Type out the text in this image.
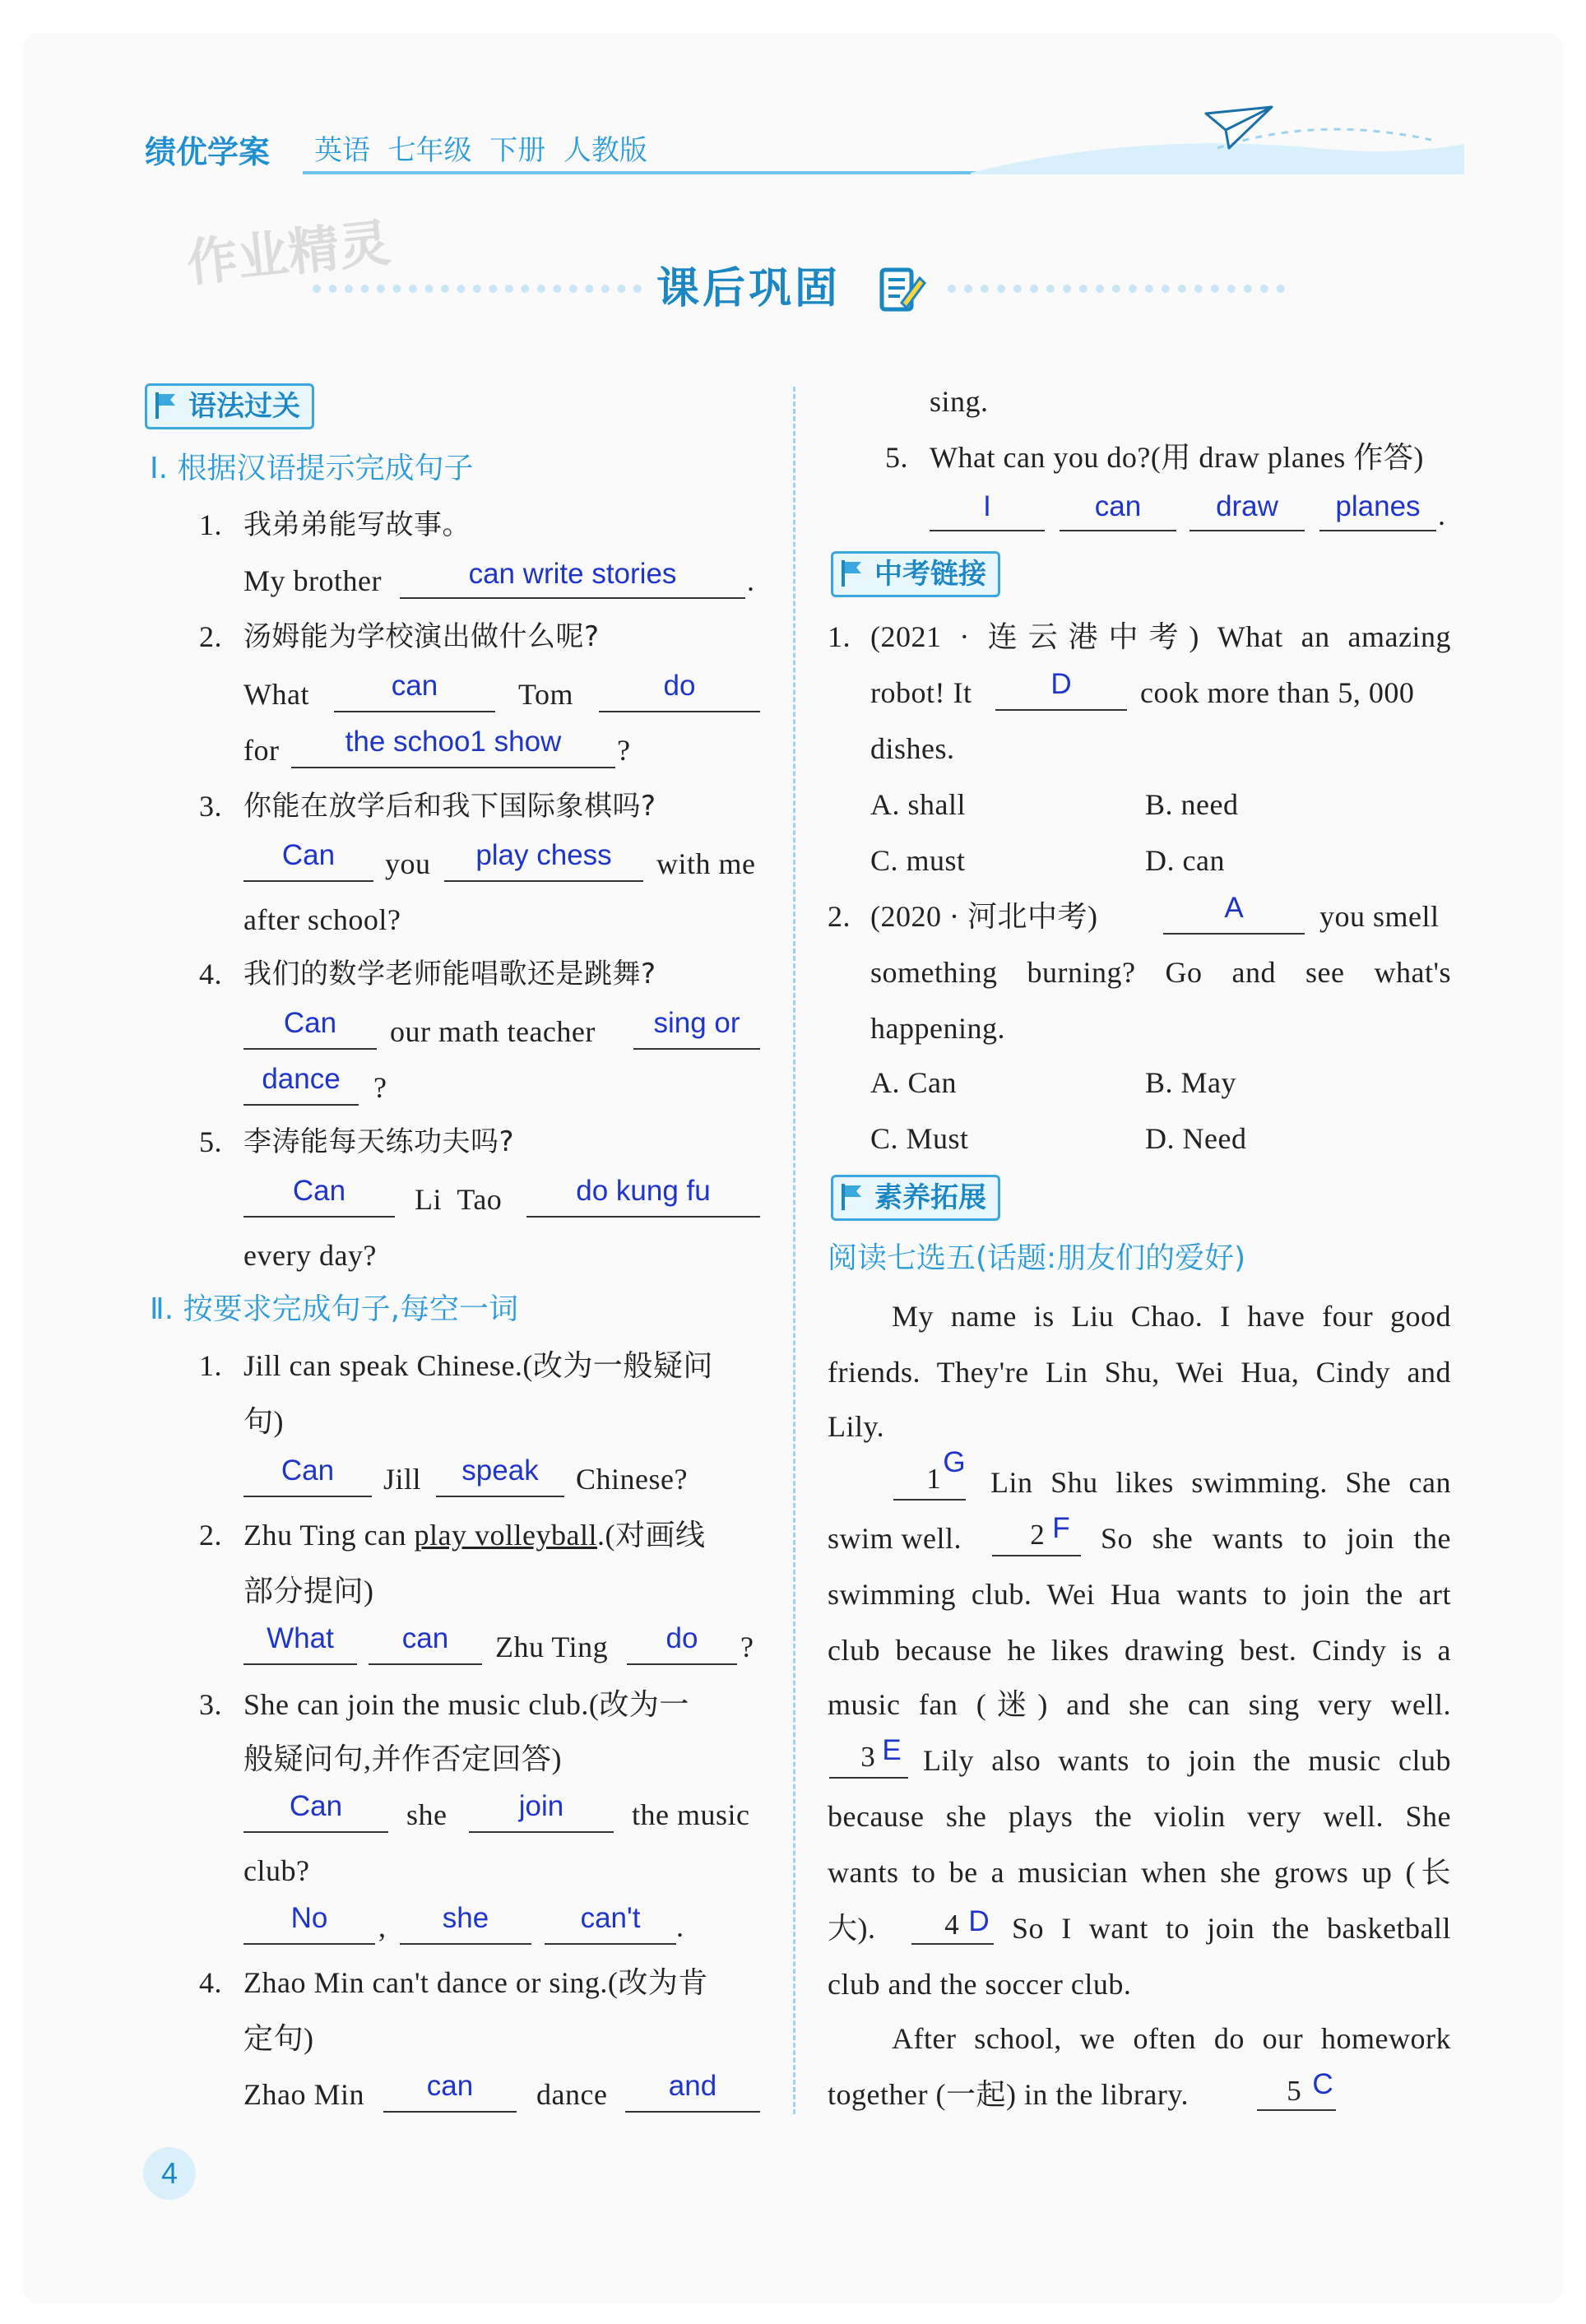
绩优学案 英语  七年级  下册  人教版
作业精灵	课后巩固
语法过关
Ⅰ. 根据汉语提示完成句子
1. 我弟弟能写故事。
My brother	can write stories	.
2. 汤姆能为学校演出做什么呢?
What	can	Tom	do
for	the schoo1 show	?
3. 你能在放学后和我下国际象棋吗?
Can	you	play chess	with me
after school?
4. 我们的数学老师能唱歌还是跳舞?
Can	our math teacher	sing or
dance	?
5. 李涛能每天练功夫吗?
Can	Li  Tao	do kung fu
every day?
Ⅱ. 按要求完成句子,每空一词
1. Jill can speak Chinese.(改为一般疑问
句)
Can	Jill	speak	Chinese?
2. Zhu Ting can play volleyball.(对画线
部分提问)
What	can	Zhu Ting	do	?
3. She can join the music club.(改为一
般疑问句,并作否定回答)
Can	she	join	the music
club?
No	,	she	can't	.
4. Zhao Min can't dance or sing.(改为肯
定句)
Zhao Min	can	dance	and
sing.
5. What can you do?(用 draw planes 作答)
I	can	draw	planes .
中考链接
1. (2021 · 连云港中考) What an amazing
robot! It	D	cook more than 5, 000
dishes.
A. shall	B. need
C. must	D. can
2. (2020 · 河北中考)	A	you smell
something burning? Go and see what's
happening.
A. Can	B. May
C. Must	D. Need
素养拓展
阅读七选五(话题:朋友们的爱好)
My name is Liu Chao. I have four good
friends. They're Lin Shu, Wei Hua, Cindy and
Lily.
1
G
Lin Shu likes swimming. She can
swim well.	2 F So she wants to join the
swimming club. Wei Hua wants to join the art
club because he likes drawing best. Cindy is a
music fan (迷) and she can sing very well.
3 E Lily also wants to join the music club
because she plays the violin very well. She
wants to be a musician when she grows up (长
大).	4 D So I want to join the basketball
club and the soccer club.
After school, we often do our homework
together (一起) in the library.	5 C
4
